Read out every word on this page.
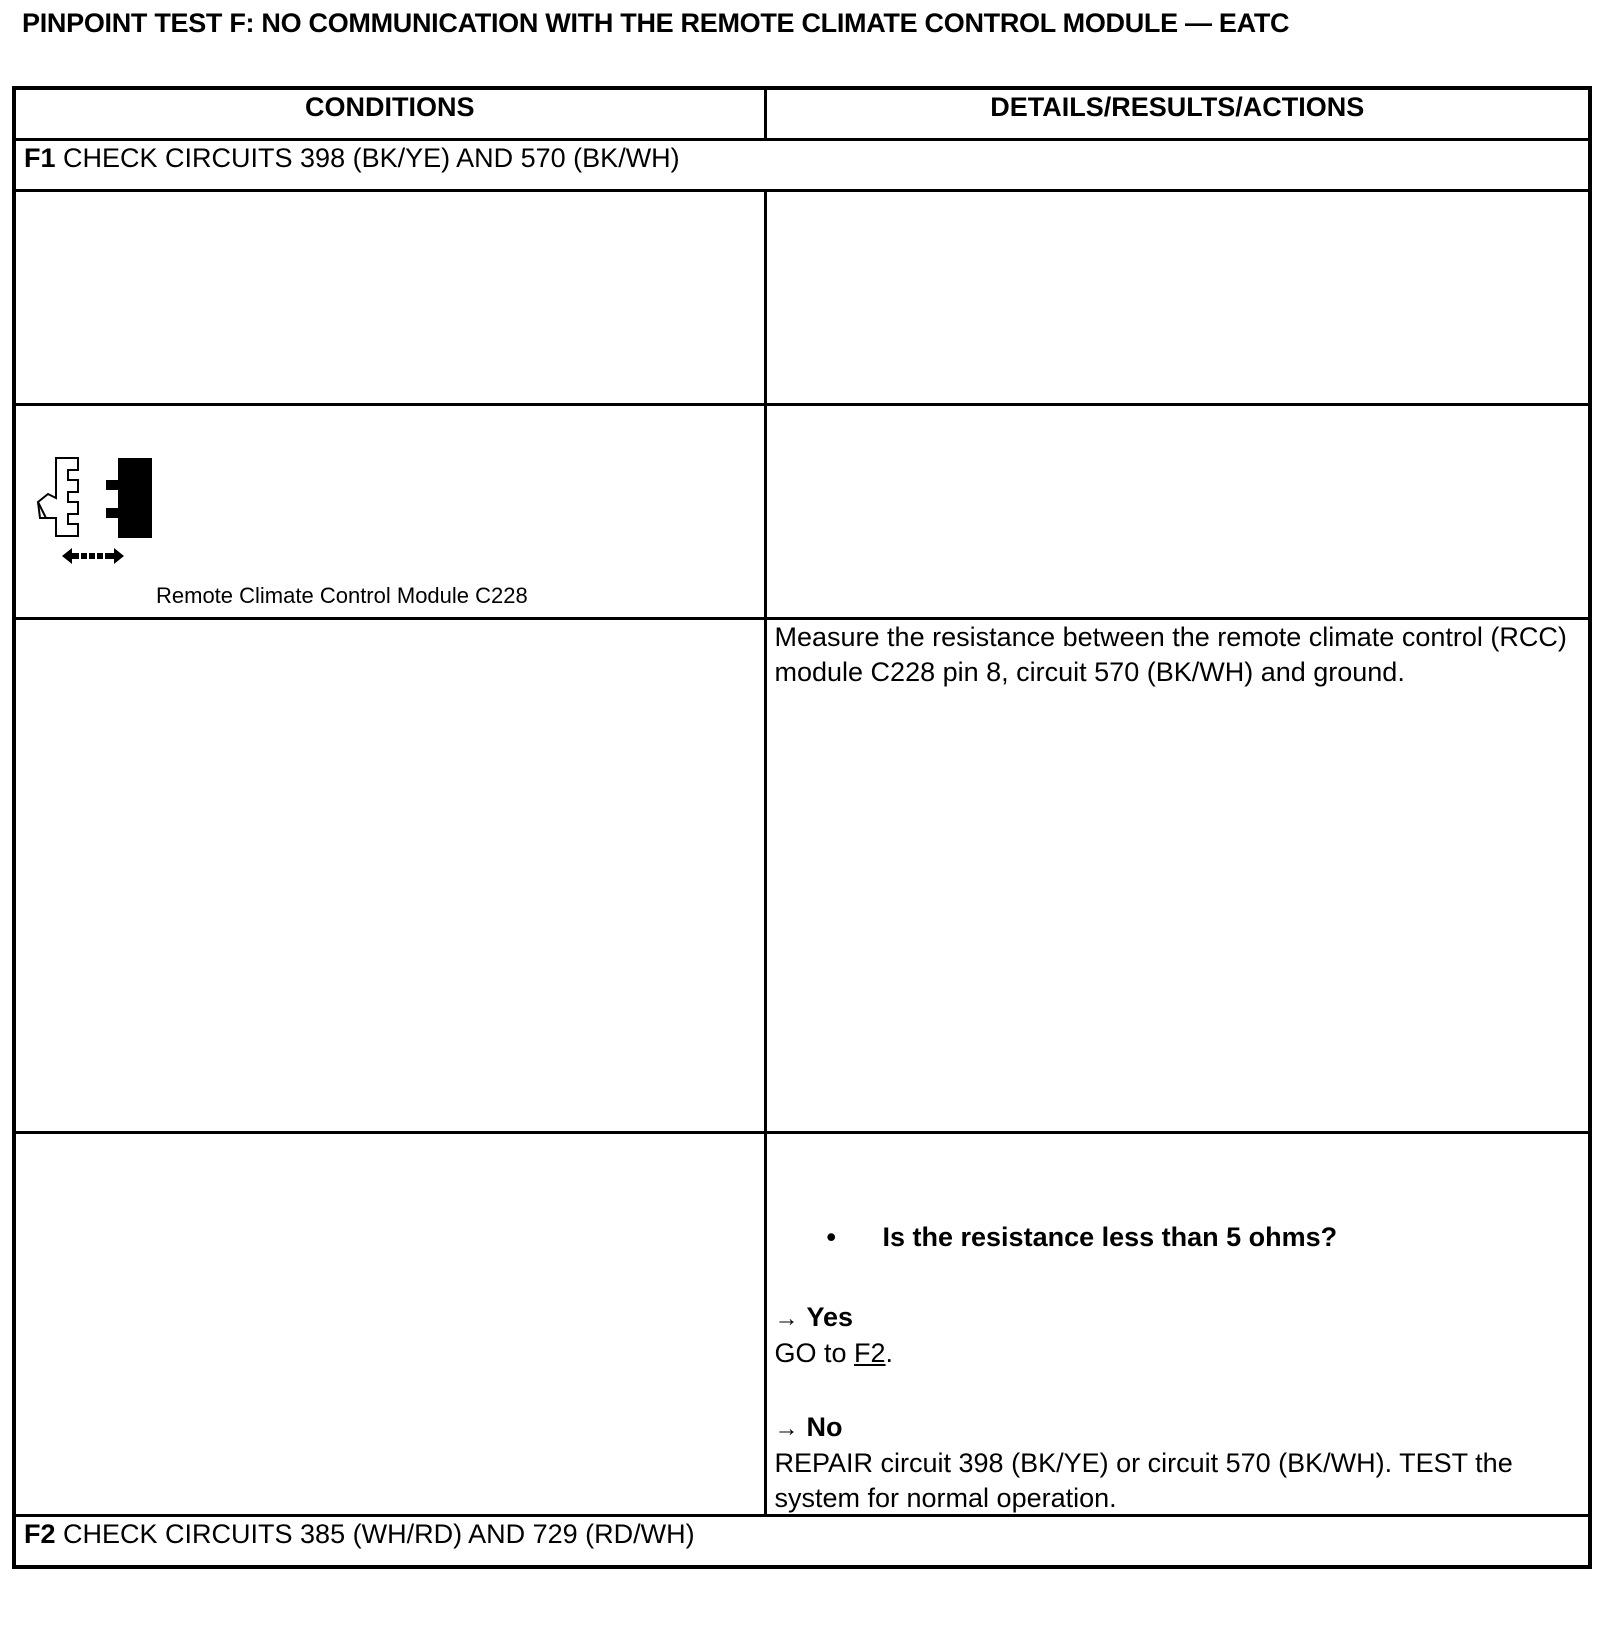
PINPOINT TEST F: NO COMMUNICATION WITH THE REMOTE CLIMATE CONTROL MODULE — EATC
CONDITIONS	DETAILS/RESULTS/ACTIONS
F1 CHECK CIRCUITS 398 (BK/YE) AND 570 (BK/WH)	

Remote Climate Control Module C228	

	Measure the resistance between the remote climate control (RCC) module C228 pin 8, circuit 570 (BK/WH) and ground.

	• Is the resistance less than 5 ohms?
→ Yes
GO to F2.
→ No
REPAIR circuit 398 (BK/YE) or circuit 570 (BK/WH). TEST the system for normal operation.

F2 CHECK CIRCUITS 385 (WH/RD) AND 729 (RD/WH)	
